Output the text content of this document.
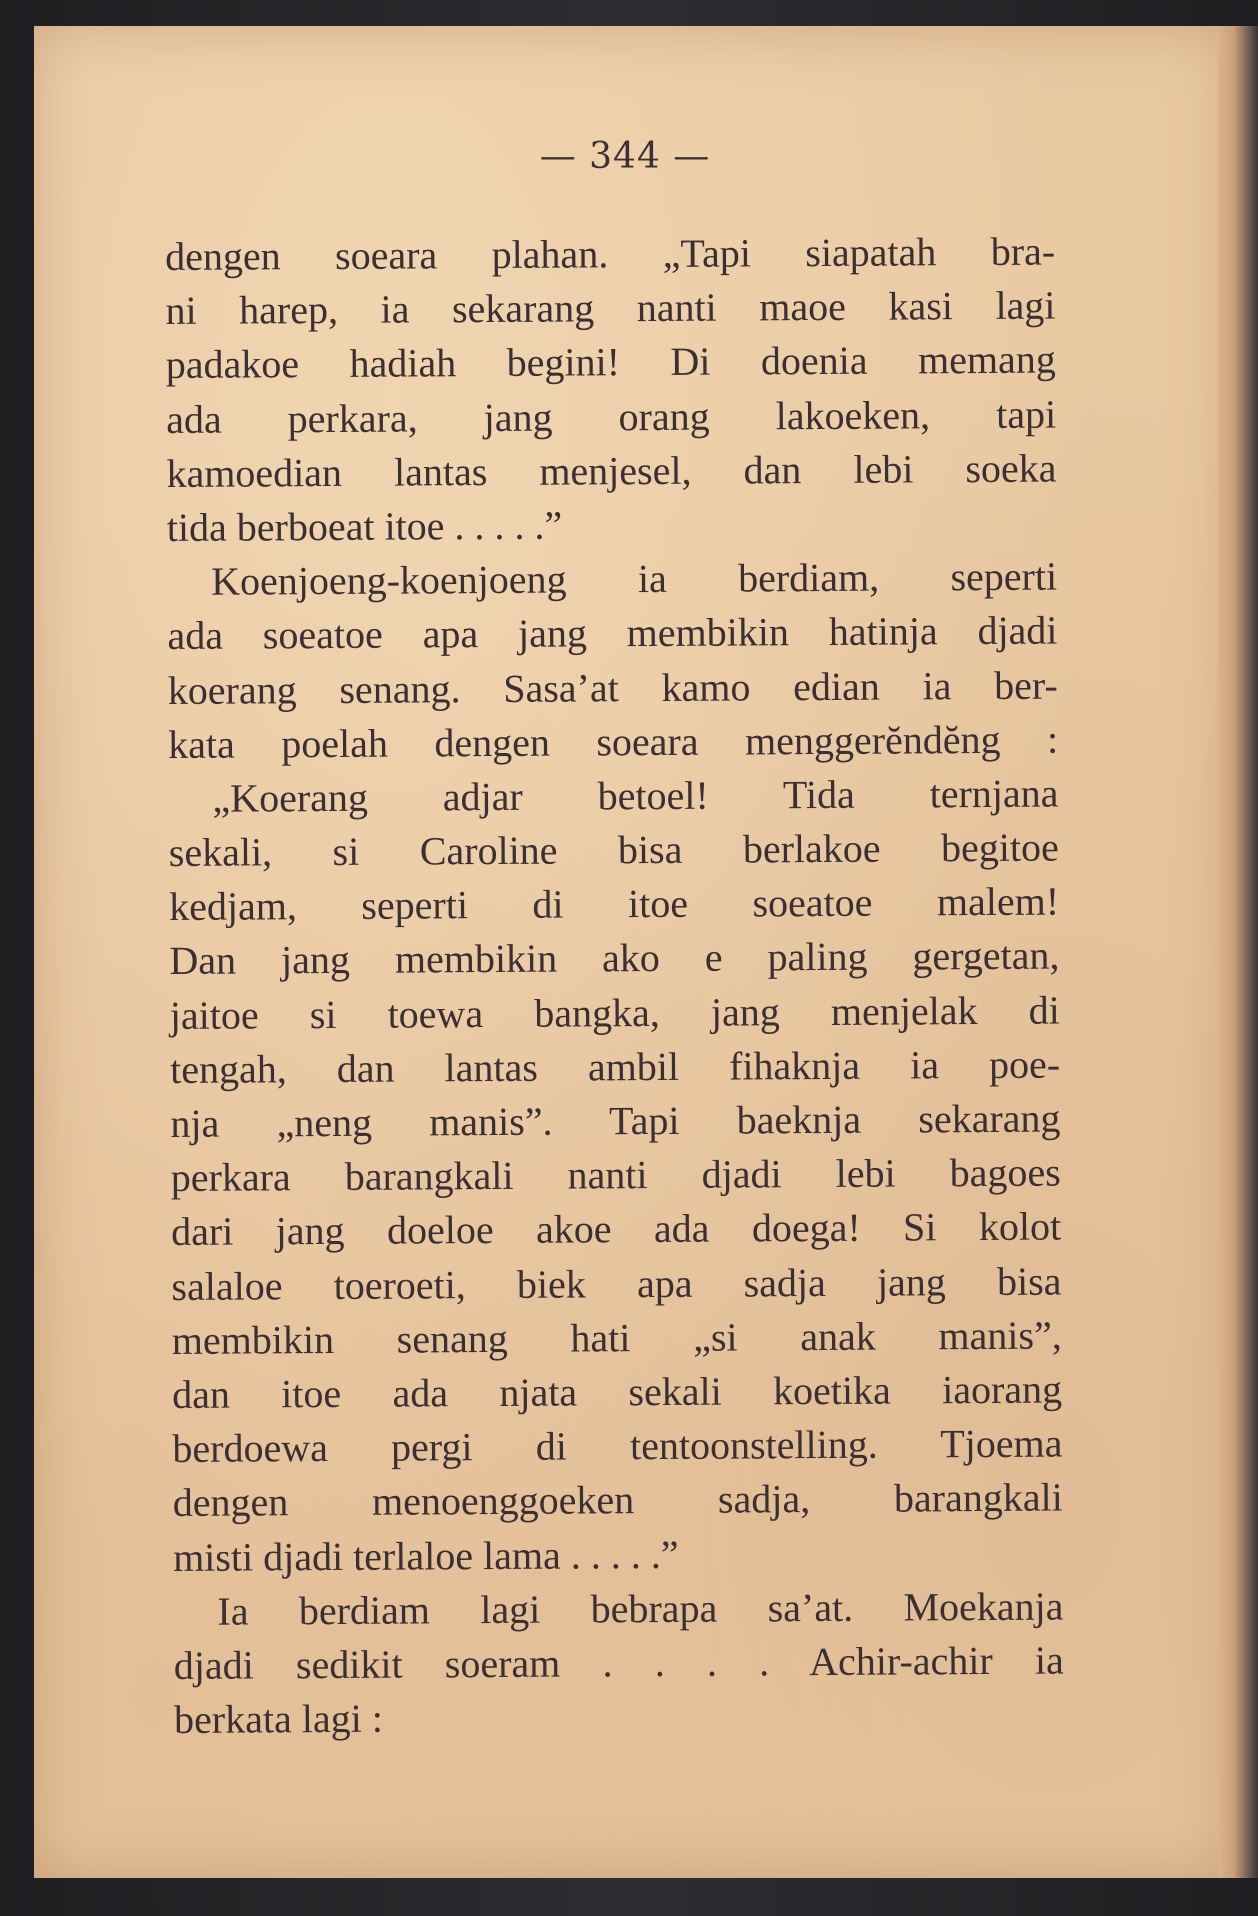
— 344 —
dengen soeara plahan. „Tapi siapatah bra-
ni harep, ia sekarang nanti maoe kasi lagi
padakoe hadiah begini! Di doenia memang
ada perkara, jang orang lakoeken, tapi
kamoedian lantas menjesel, dan lebi soeka
tida berboeat itoe . . . . .”
Koenjoeng-koenjoeng ia berdiam, seperti
ada soeatoe apa jang membikin hatinja djadi
koerang senang. Sasa’at kamo edian ia ber-
kata poelah dengen soeara menggerĕndĕng :
„Koerang adjar betoel! Tida ternjana
sekali, si Caroline bisa berlakoe begitoe
kedjam, seperti di itoe soeatoe malem!
Dan jang membikin ako e paling gergetan,
jaitoe si toewa bangka, jang menjelak di
tengah, dan lantas ambil fihaknja ia poe-
nja „neng manis”. Tapi baeknja sekarang
perkara barangkali nanti djadi lebi bagoes
dari jang doeloe akoe ada doega! Si kolot
salaloe toeroeti, biek apa sadja jang bisa
membikin senang hati „si anak manis”,
dan itoe ada njata sekali koetika iaorang
berdoewa pergi di tentoonstelling. Tjoema
dengen menoenggoeken sadja, barangkali
misti djadi terlaloe lama . . . . .”
Ia berdiam lagi bebrapa sa’at. Moekanja
djadi sedikit soeram . . . . Achir-achir ia
berkata lagi :
